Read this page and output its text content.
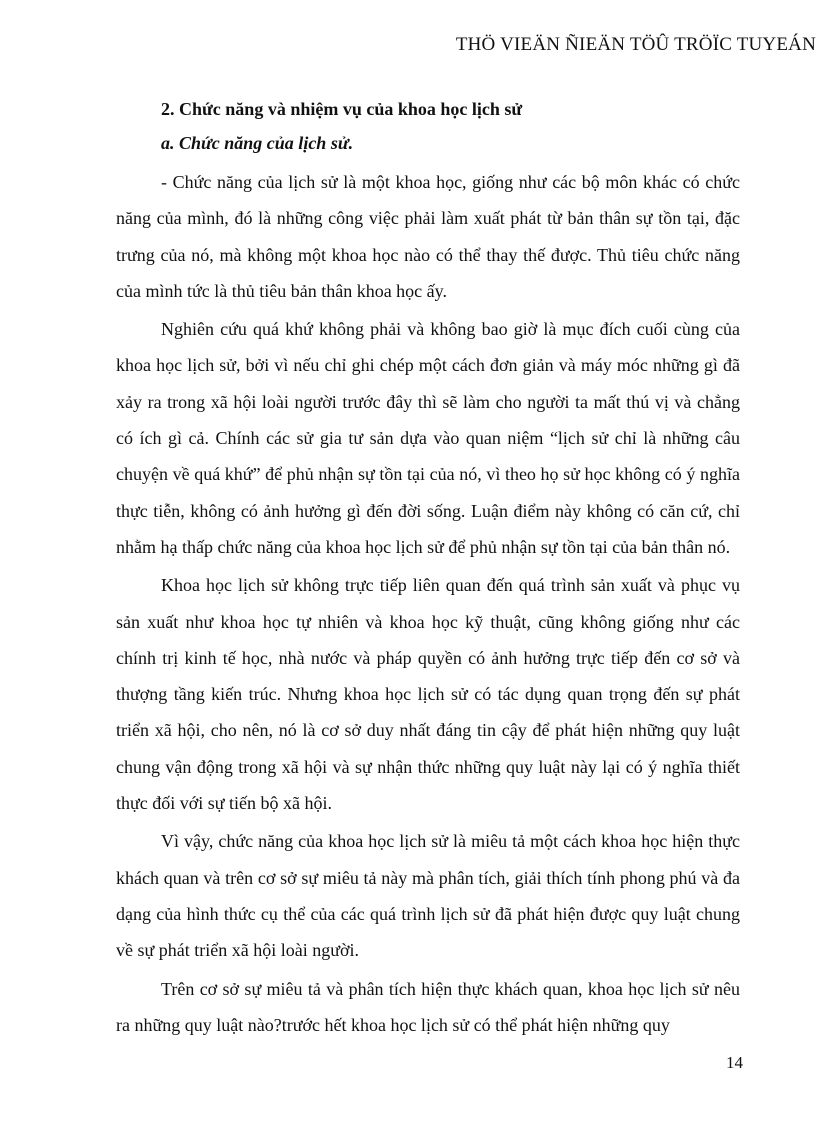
THÖ VIEÄN ÑIEÄN TÖÛ TRÖÏC TUYEÁN

2. Chức năng và nhiệm vụ của khoa học lịch sử

a. Chức năng của lịch sử.

- Chức năng của lịch sử là một khoa học, giống như các bộ môn khác có chức năng của mình, đó là những công việc phải làm xuất phát từ bản thân sự tồn tại, đặc trưng của nó, mà không một khoa học nào có thể thay thế được. Thủ tiêu chức năng của mình tức là thủ tiêu bản thân khoa học ấy.

Nghiên cứu quá khứ không phải và không bao giờ là mục đích cuối cùng của khoa học lịch sử, bởi vì nếu chỉ ghi chép một cách đơn giản và máy móc những gì đã xảy ra trong xã hội loài người trước đây thì sẽ làm cho người ta mất thú vị và chẳng có ích gì cả. Chính các sử gia tư sản dựa vào quan niệm “lịch sử chỉ là những câu chuyện về quá khứ” để phủ nhận sự tồn tại của nó, vì theo họ sử học không có ý nghĩa thực tiễn, không có ảnh hưởng gì đến đời sống. Luận điểm này không có căn cứ, chỉ nhằm hạ thấp chức năng của khoa học lịch sử để phủ nhận sự tồn tại của bản thân nó.

Khoa học lịch sử không trực tiếp liên quan đến quá trình sản xuất và phục vụ sản xuất như khoa học tự nhiên và khoa học kỹ thuật, cũng không giống như các chính trị kinh tế học, nhà nước và pháp quyền có ảnh hưởng trực tiếp đến cơ sở và thượng tầng kiến trúc. Nhưng khoa học lịch sử có tác dụng quan trọng đến sự phát triển xã hội, cho nên, nó là cơ sở duy nhất đáng tin cậy để phát hiện những quy luật chung vận động trong xã hội và sự nhận thức những quy luật này lại có ý nghĩa thiết thực đối với sự tiến bộ xã hội.

Vì vậy, chức năng của khoa học lịch sử là miêu tả một cách khoa học hiện thực khách quan và trên cơ sở sự miêu tả này mà phân tích, giải thích tính phong phú và đa dạng của hình thức cụ thể của các quá trình lịch sử đã phát hiện được quy luật chung về sự phát triển xã hội loài người.

Trên cơ sở sự miêu tả và phân tích hiện thực khách quan, khoa học lịch sử nêu ra những quy luật nào?trước hết khoa học lịch sử có thể phát hiện những quy

14
